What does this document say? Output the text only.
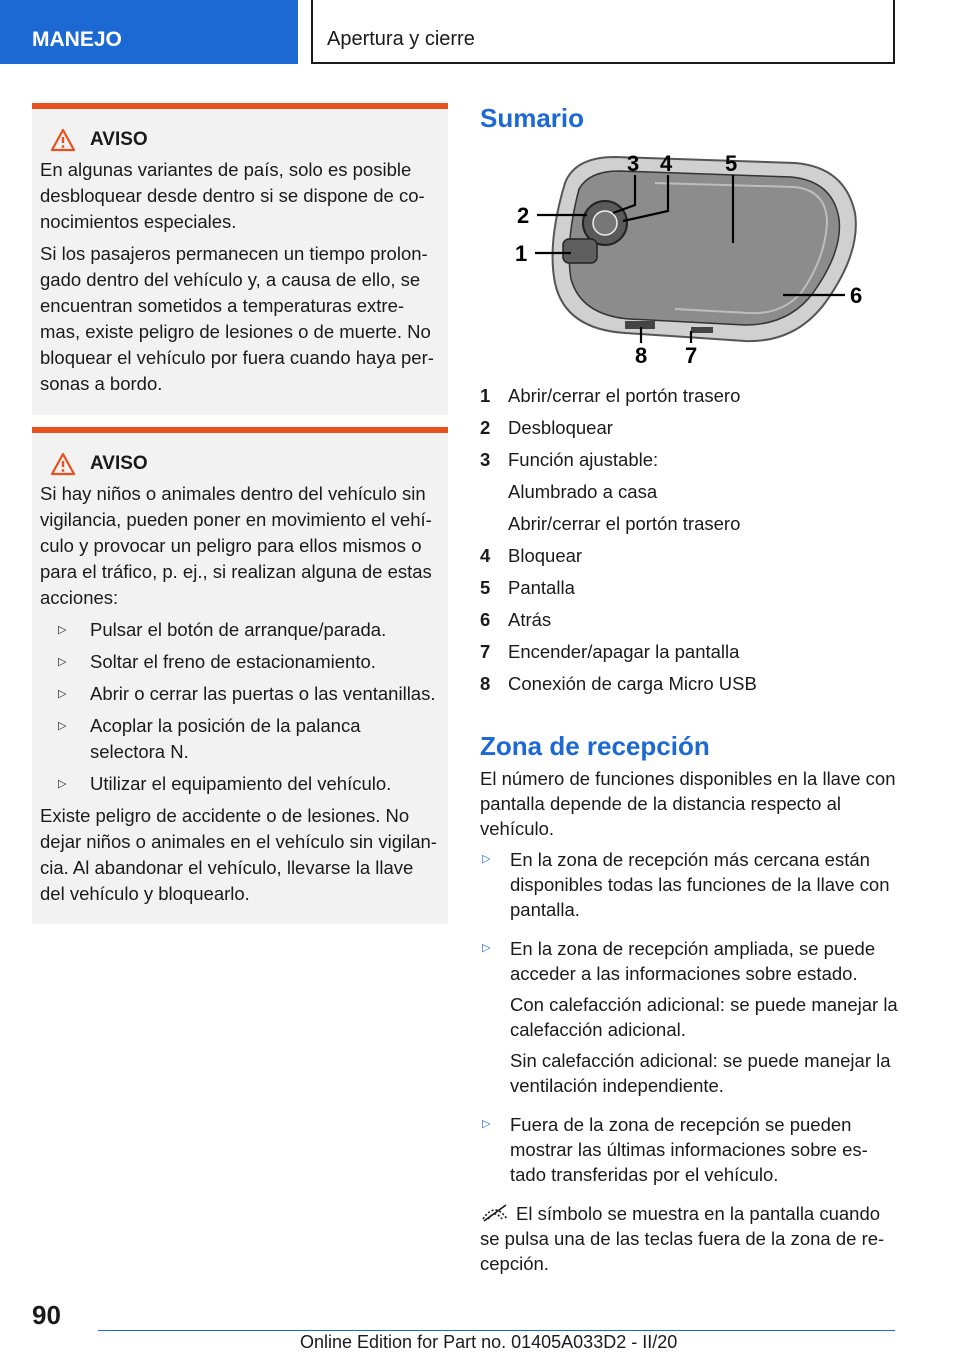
MANEJO	Apertura y cierre
AVISO

En algunas variantes de país, solo es posible desbloquear desde dentro si se dispone de co-nocimientos especiales.

Si los pasajeros permanecen un tiempo prolon-gado dentro del vehículo y, a causa de ello, se encuentran sometidos a temperaturas extre-mas, existe peligro de lesiones o de muerte. No bloquear el vehículo por fuera cuando haya per-sonas a bordo.

AVISO

Si hay niños o animales dentro del vehículo sin vigilancia, pueden poner en movimiento el vehí-culo y provocar un peligro para ellos mismos o para el tráfico, p. ej., si realizan alguna de estas acciones:

▷	Pulsar el botón de arranque/parada.
▷	Soltar el freno de estacionamiento.
▷	Abrir o cerrar las puertas o las ventanillas.
▷	Acoplar la posición de la palanca selectora N.
▷	Utilizar el equipamiento del vehículo.

Existe peligro de accidente o de lesiones. No dejar niños o animales en el vehículo sin vigilan-cia. Al abandonar el vehículo, llevarse la llave del vehículo y bloquearlo.

Sumario
1
2
3 4 5
6
7
8
1 Abrir/cerrar el portón trasero
2 Desbloquear
3 Función ajustable:
Alumbrado a casa
Abrir/cerrar el portón trasero
4 Bloquear
5 Pantalla
6 Atrás
7 Encender/apagar la pantalla
8 Conexión de carga Micro USB
Zona de recepción
El número de funciones disponibles en la llave con pantalla depende de la distancia respecto al vehículo.
▷ En la zona de recepción más cercana están disponibles todas las funciones de la llave con pantalla.

▷ En la zona de recepción ampliada, se puede acceder a las informaciones sobre estado.

Con calefacción adicional: se puede manejar la calefacción adicional.

Sin calefacción adicional: se puede manejar la ventilación independiente.

▷ Fuera de la zona de recepción se pueden mostrar las últimas informaciones sobre es-tado transferidas por el vehículo.

El símbolo se muestra en la pantalla cuando se pulsa una de las teclas fuera de la zona de re-cepción.
90
Online Edition for Part no. 01405A033D2 - II/20
